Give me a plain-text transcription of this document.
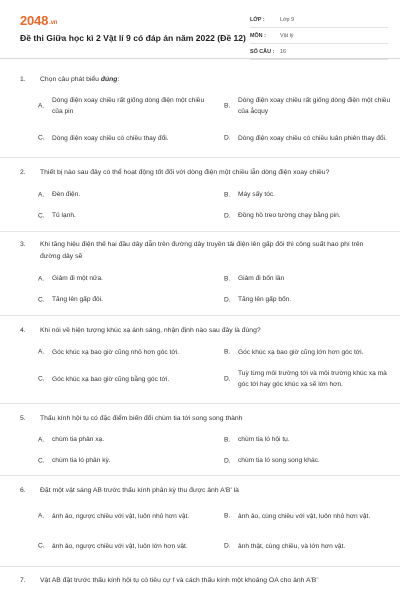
2048.vn
Đề thi Giữa học kì 2 Vật lí 9 có đáp án năm 2022 (Đề 12)
LỚP :	Lớp 9
MÔN :	Vật lý
SỐ CÂU :	16
1. Chọn câu phát biểu đúng:
A.
Dòng điện xoay chiều rất giống dòng điện một chiều của pin
B.
Dòng điện xoay chiều rất giống dòng điện một chiều của ắcquy
C. Dòng điện xoay chiều có chiều thay đổi.	D. Dòng điện xoay chiều có chiều luân phiên thay đổi.
2. Thiết bị nào sau đây có thể hoạt động tốt đối với dòng điện một chiều lẫn dòng điện xoay chiều?
A. Đèn điện.	B. Máy sấy tóc.
C. Tủ lạnh.	D. Đồng hồ treo tường chạy bằng pin.
3. Khi tăng hiệu điện thế hai đầu dây dẫn trên đường dây truyền tải điện lên gấp đôi thì công suất hao phí trên đường dây sẽ
A. Giảm đi một nửa.	B. Giảm đi bốn lần
C. Tăng lên gấp đôi.	D. Tăng lên gấp bốn.
4. Khi nói về hiện tượng khúc xạ ánh sáng, nhận định nào sau đây là đúng?
A. Góc khúc xạ bao giờ cũng nhỏ hơn góc tới.	B. Góc khúc xạ bao giờ cũng lớn hơn góc tới.
C. Góc khúc xạ bao giờ cũng bằng góc tới.	D.
Tuỳ từng môi trường tới và môi trường khúc xạ mà góc tới hay góc khúc xạ sẽ lớn hơn.
5. Thấu kính hội tụ có đặc điểm biến đổi chùm tia tới song song thành
A. chùm tia phản xạ.	B. chùm tia ló hội tụ.
C. chùm tia ló phân kỳ.	D. chùm tia ló song song khác.
6. Đặt một vật sáng AB trước thấu kính phân kỳ thu được ảnh A'B' là
A. ảnh ảo, ngược chiều với vật, luôn nhỏ hơn vật.	B. ảnh ảo, cùng chiều với vật, luôn nhỏ hơn vật.
C. ảnh ảo, ngược chiều với vật, luôn lớn hơn vật.	D. ảnh thật, cùng chiều, và lớn hơn vật.
7. Vật AB đặt trước thấu kính hội tụ có tiêu cự f và cách thấu kính một khoảng OA cho ảnh A'B'
